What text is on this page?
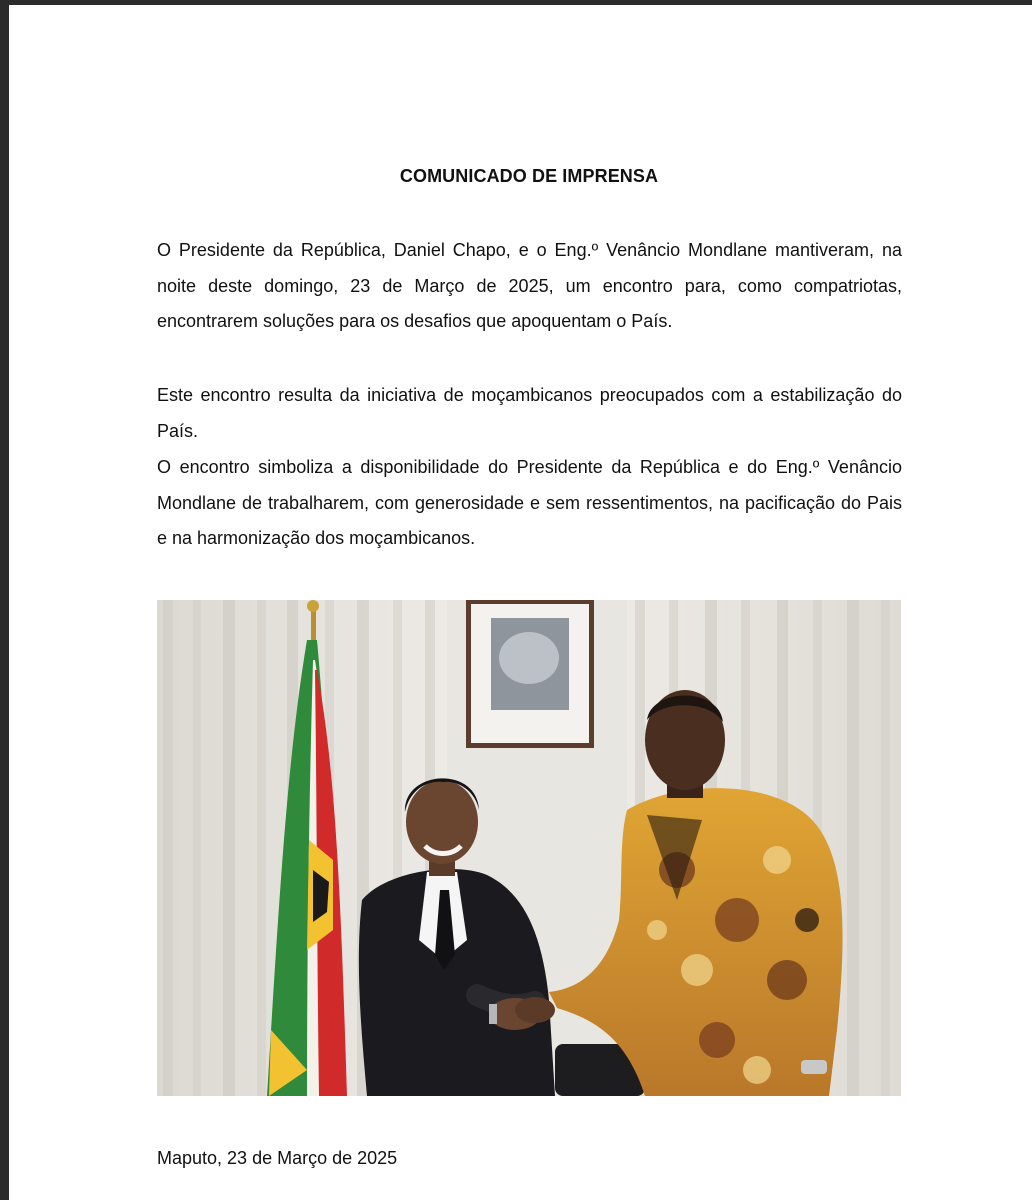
COMUNICADO DE IMPRENSA

O Presidente da República, Daniel Chapo, e o Eng.º Venâncio Mondlane mantiveram, na noite deste domingo, 23 de Março de 2025, um encontro para, como compatriotas, encontrarem soluções para os desafios que apoquentam o País.

Este encontro resulta da iniciativa de moçambicanos preocupados com a estabilização do País.

O encontro simboliza a disponibilidade do Presidente da República e do Eng.º Venâncio Mondlane de trabalharem, com generosidade e sem ressentimentos, na pacificação do Pais e na harmonização dos moçambicanos.

Maputo, 23 de Março de 2025
